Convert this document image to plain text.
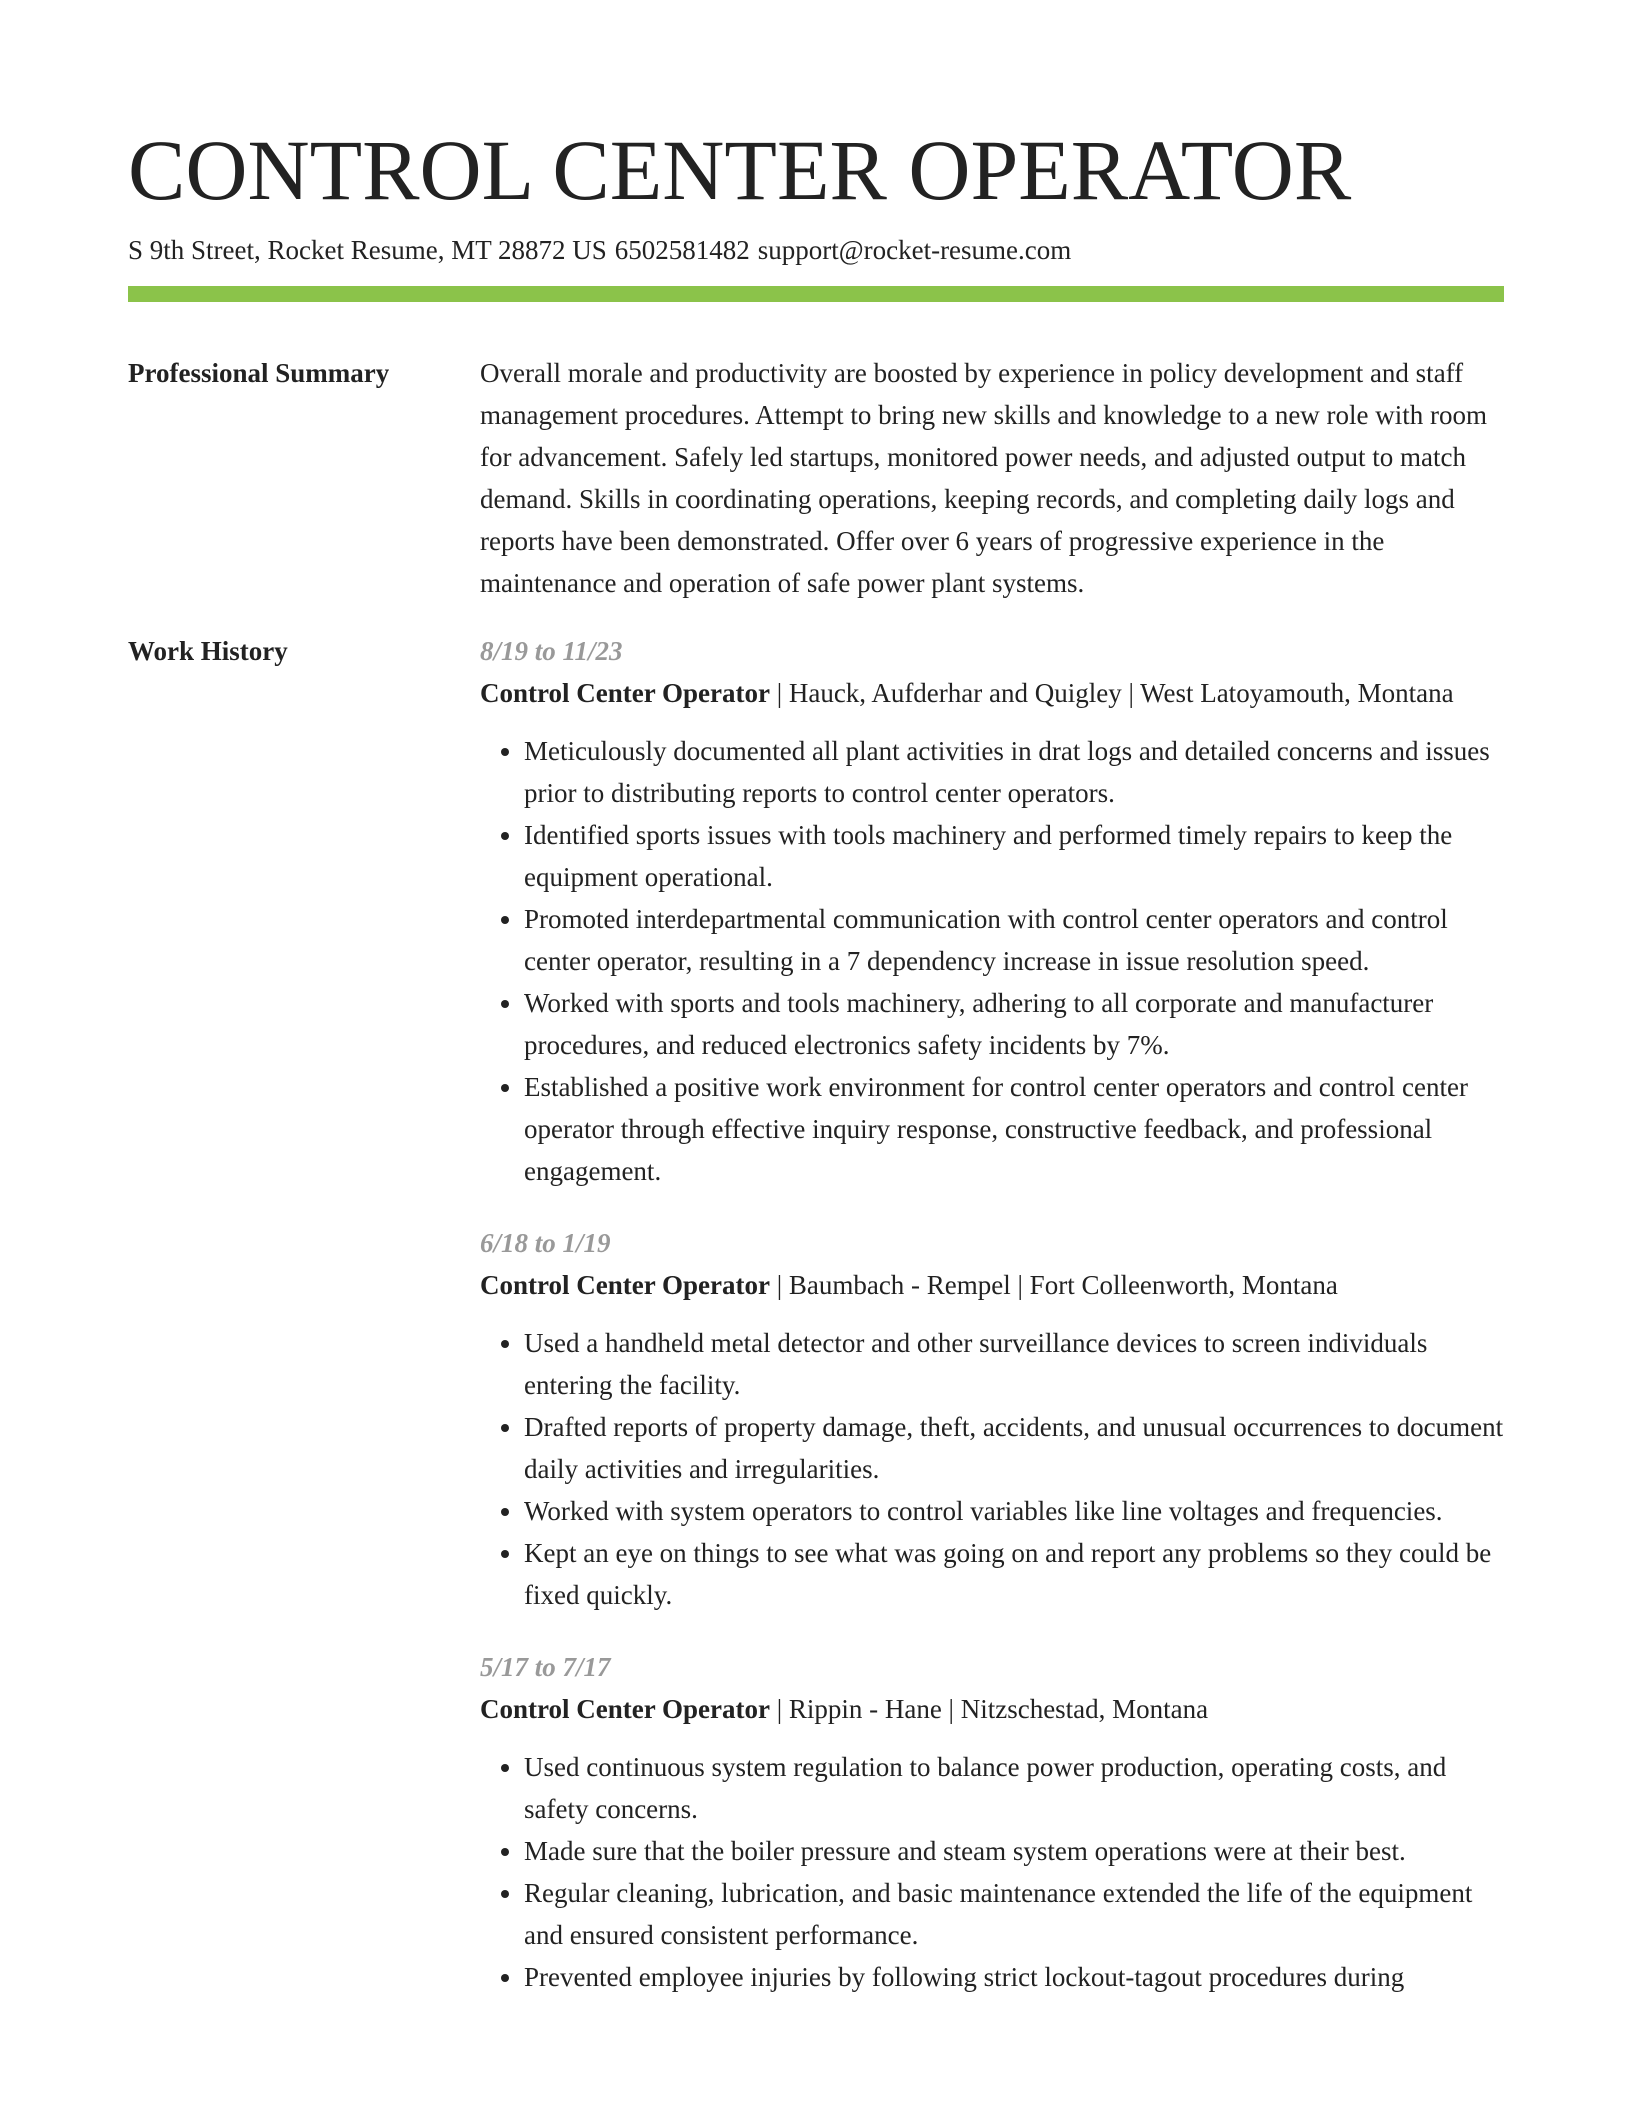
CONTROL CENTER OPERATOR
S 9th Street, Rocket Resume, MT 28872 US 6502581482 support@rocket-resume.com
Professional Summary	Overall morale and productivity are boosted by experience in policy development and staff management procedures. Attempt to bring new skills and knowledge to a new role with room for advancement. Safely led startups, monitored power needs, and adjusted output to match demand. Skills in coordinating operations, keeping records, and completing daily logs and reports have been demonstrated. Offer over 6 years of progressive experience in the maintenance and operation of safe power plant systems.

Work History	8/19 to 11/23
Control Center Operator | Hauck, Aufderhar and Quigley | West Latoyamouth, Montana
• Meticulously documented all plant activities in drat logs and detailed concerns and issues prior to distributing reports to control center operators.
• Identified sports issues with tools machinery and performed timely repairs to keep the equipment operational.
• Promoted interdepartmental communication with control center operators and control center operator, resulting in a 7 dependency increase in issue resolution speed.
• Worked with sports and tools machinery, adhering to all corporate and manufacturer procedures, and reduced electronics safety incidents by 7%.
• Established a positive work environment for control center operators and control center operator through effective inquiry response, constructive feedback, and professional engagement.
6/18 to 1/19
Control Center Operator | Baumbach - Rempel | Fort Colleenworth, Montana
• Used a handheld metal detector and other surveillance devices to screen individuals entering the facility.
• Drafted reports of property damage, theft, accidents, and unusual occurrences to document daily activities and irregularities.
• Worked with system operators to control variables like line voltages and frequencies.
• Kept an eye on things to see what was going on and report any problems so they could be fixed quickly.
5/17 to 7/17
Control Center Operator | Rippin - Hane | Nitzschestad, Montana
• Used continuous system regulation to balance power production, operating costs, and safety concerns.
• Made sure that the boiler pressure and steam system operations were at their best.
• Regular cleaning, lubrication, and basic maintenance extended the life of the equipment and ensured consistent performance.
• Prevented employee injuries by following strict lockout-tagout procedures during
